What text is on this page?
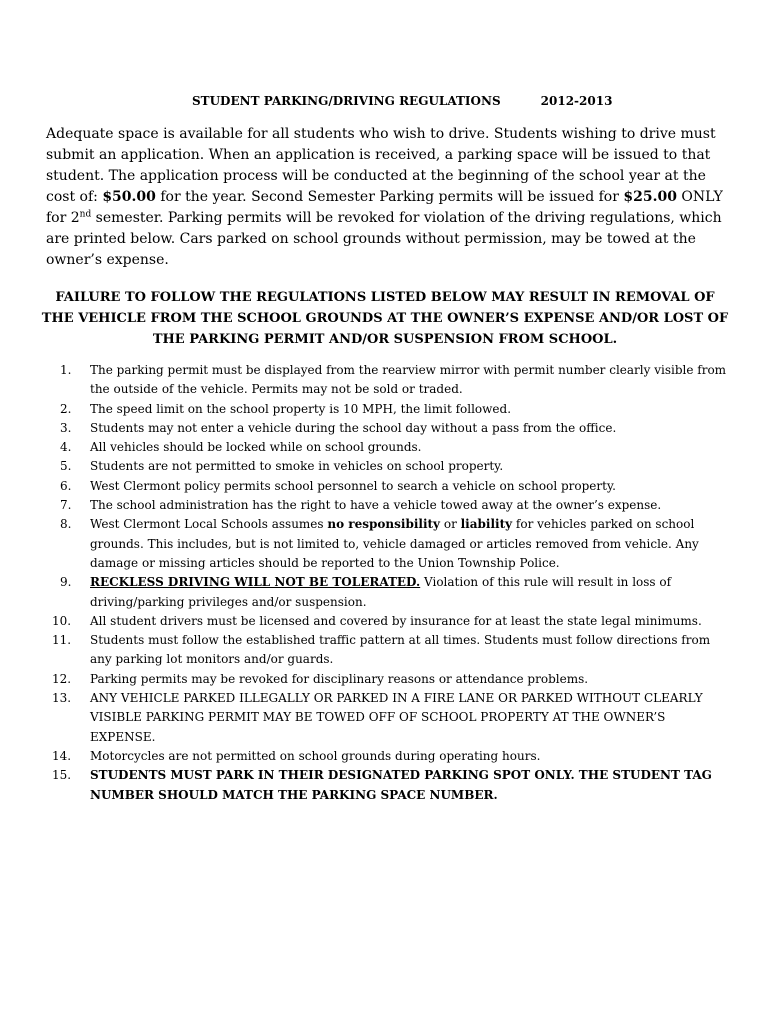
STUDENT PARKING/DRIVING REGULATIONS	2012-2013
Adequate space is available for all students who wish to drive. Students wishing to drive must submit an application. When an application is received, a parking space will be issued to that student. The application process will be conducted at the beginning of the school year at the cost of: $50.00 for the year. Second Semester Parking permits will be issued for $25.00 ONLY for 2nd semester. Parking permits will be revoked for violation of the driving regulations, which are printed below. Cars parked on school grounds without permission, may be towed at the owner’s expense.
FAILURE TO FOLLOW THE REGULATIONS LISTED BELOW MAY RESULT IN REMOVAL OF THE VEHICLE FROM THE SCHOOL GROUNDS AT THE OWNER’S EXPENSE AND/OR LOST OF THE PARKING PERMIT AND/OR SUSPENSION FROM SCHOOL.
1.	The parking permit must be displayed from the rearview mirror with permit number clearly visible from the outside of the vehicle. Permits may not be sold or traded.
2.	The speed limit on the school property is 10 MPH, the limit followed.
3.	Students may not enter a vehicle during the school day without a pass from the office.
4.	All vehicles should be locked while on school grounds.
5.	Students are not permitted to smoke in vehicles on school property.
6.	West Clermont policy permits school personnel to search a vehicle on school property.
7.	The school administration has the right to have a vehicle towed away at the owner’s expense.
8.	West Clermont Local Schools assumes no responsibility or liability for vehicles parked on school grounds. This includes, but is not limited to, vehicle damaged or articles removed from vehicle. Any damage or missing articles should be reported to the Union Township Police.
9.	RECKLESS DRIVING WILL NOT BE TOLERATED. Violation of this rule will result in loss of driving/parking privileges and/or suspension.
10.	All student drivers must be licensed and covered by insurance for at least the state legal minimums.
11.	Students must follow the established traffic pattern at all times. Students must follow directions from any parking lot monitors and/or guards.
12.	Parking permits may be revoked for disciplinary reasons or attendance problems.
13.	ANY VEHICLE PARKED ILLEGALLY OR PARKED IN A FIRE LANE OR PARKED WITHOUT CLEARLY VISIBLE PARKING PERMIT MAY BE TOWED OFF OF SCHOOL PROPERTY AT THE OWNER’S EXPENSE.
14.	Motorcycles are not permitted on school grounds during operating hours.
15.	STUDENTS MUST PARK IN THEIR DESIGNATED PARKING SPOT ONLY. THE STUDENT TAG NUMBER SHOULD MATCH THE PARKING SPACE NUMBER.
